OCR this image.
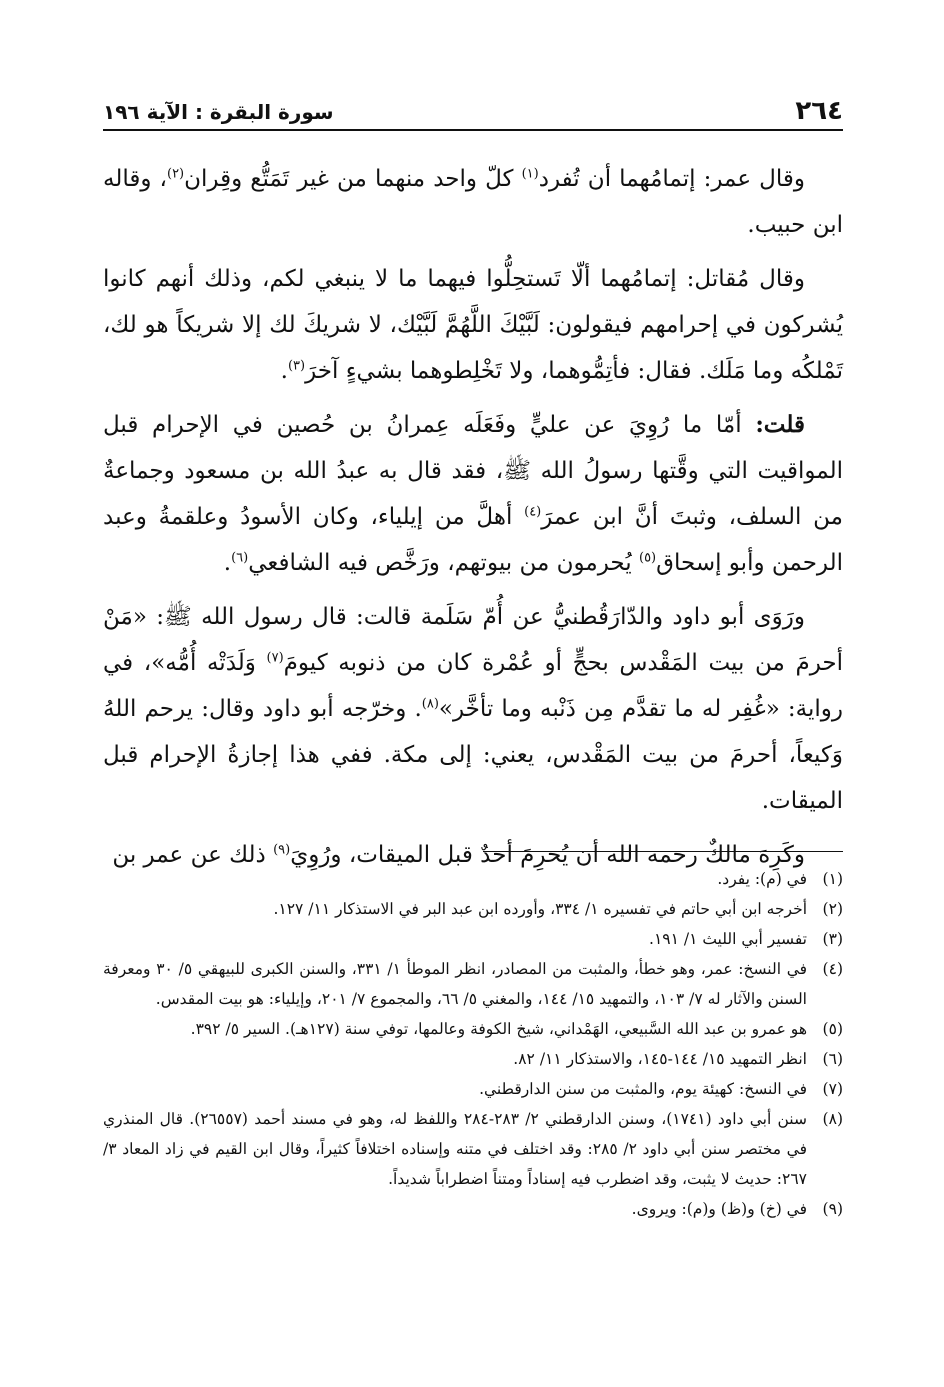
٢٦٤
سورة البقرة : الآية ١٩٦

وقال عمر: إتمامُهما أن تُفرد$^{(١)}$ كلّ واحد منهما من غير تَمَتُّع وقِران$^{(٢)}$، وقاله ابن حبيب.

وقال مُقاتل: إتمامُهما ألّا تَستحِلُّوا فيهما ما لا ينبغي لكم، وذلك أنهم كانوا يُشركون في إحرامهم فيقولون: لَبَّيْكَ اللَّهُمَّ لَبَّيْك، لا شريكَ لك إلا شريكاً هو لك، تَمْلكُه وما مَلَك. فقال: فأتِمُّوهما، ولا تَخْلِطوهما بشيءٍ آخرَ$^{(٣)}$.

قلت: أمّا ما رُوِيَ عن عليٍّ وفَعَلَه عِمرانُ بن حُصين في الإحرام قبل المواقيت التي وقَّتها رسولُ الله ﷺ، فقد قال به عبدُ الله بن مسعود وجماعةٌ من السلف، وثبتَ أنَّ ابن عمرَ$^{(٤)}$ أهلَّ من إيلياء، وكان الأسودُ وعلقمةُ وعبد الرحمن وأبو إسحاق$^{(٥)}$ يُحرمون من بيوتهم، ورَخَّص فيه الشافعي$^{(٦)}$.

ورَوَى أبو داود والدّارَقُطنيُّ عن أُمّ سَلَمة قالت: قال رسول الله ﷺ: «مَنْ أحرمَ من بيت المَقْدس بحجٍّ أو عُمْرة كان من ذنوبه كيومَ$^{(٧)}$ وَلَدَتْه أُمُّه»، في رواية: «غُفِر له ما تقدَّم مِن ذَنْبه وما تأخَّر»$^{(٨)}$. وخرّجه أبو داود وقال: يرحم اللهُ وَكيعاً، أحرمَ من بيت المَقْدس، يعني: إلى مكة. ففي هذا إجازةُ الإحرام قبل الميقات.

وكَرِهَ مالكٌ رحمه الله أن يُحرِمَ أحدٌ قبل الميقات، ورُوِيَ$^{(٩)}$ ذلك عن عمر بن

(١)
في (م): يفرد.
(٢)
أخرجه ابن أبي حاتم في تفسيره ١/ ٣٣٤، وأورده ابن عبد البر في الاستذكار ١١/ ١٢٧.
(٣)
تفسير أبي الليث ١/ ١٩١.
(٤)
في النسخ: عمر، وهو خطأ، والمثبت من المصادر، انظر الموطأ ١/ ٣٣١، والسنن الكبرى للبيهقي ٥/ ٣٠ ومعرفة السنن والآثار له ٧/ ١٠٣، والتمهيد ١٥/ ١٤٤، والمغني ٥/ ٦٦، والمجموع ٧/ ٢٠١، وإيلياء: هو بيت المقدس.
(٥)
هو عمرو بن عبد الله السَّبيعي، الهَمْداني، شيخ الكوفة وعالمها، توفي سنة (١٢٧هـ). السير ٥/ ٣٩٢.
(٦)
انظر التمهيد ١٥/ ١٤٤-١٤٥، والاستذكار ١١/ ٨٢.
(٧)
في النسخ: كهيئة يوم، والمثبت من سنن الدارقطني.
(٨)
سنن أبي داود (١٧٤١)، وسنن الدارقطني ٢/ ٢٨٣-٢٨٤ واللفظ له، وهو في مسند أحمد (٢٦٥٥٧). قال المنذري في مختصر سنن أبي داود ٢/ ٢٨٥: وقد اختلف في متنه وإسناده اختلافاً كثيراً، وقال ابن القيم في زاد المعاد ٣/ ٢٦٧: حديث لا يثبت، وقد اضطرب فيه إسناداً ومتناً اضطراباً شديداً.
(٩)
في (خ) و(ظ) و(م): ويروى.
